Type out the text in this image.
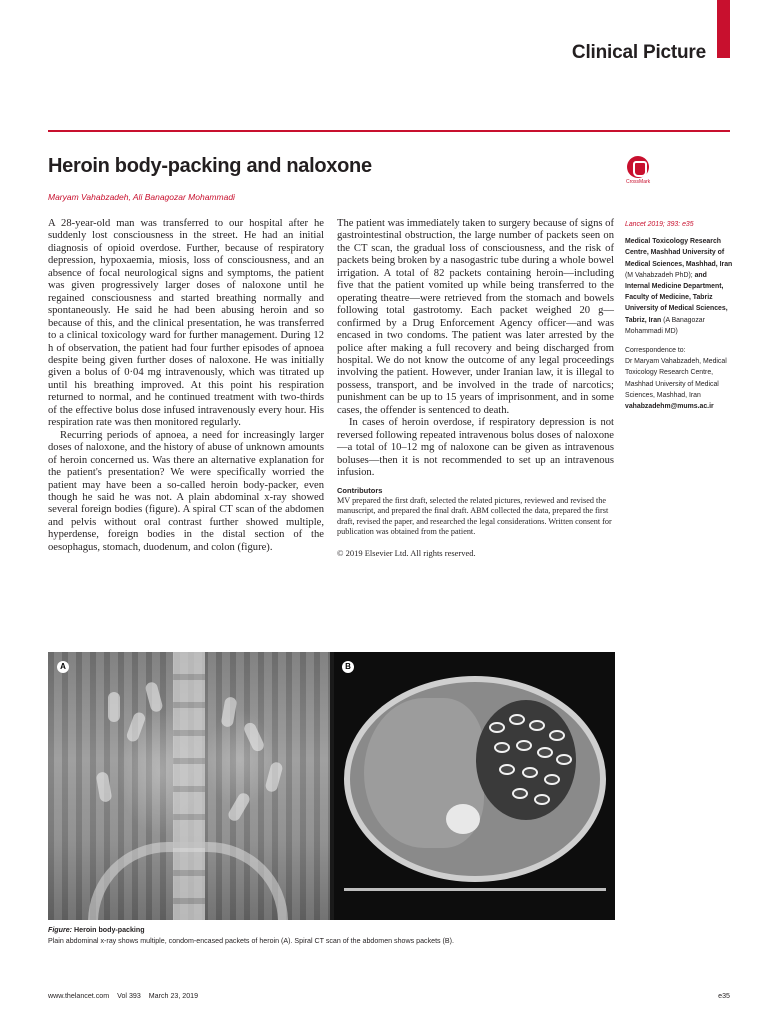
Clinical Picture
Heroin body-packing and naloxone
CrossMark
Maryam Vahabzadeh, Ali Banagozar Mohammadi

A 28-year-old man was transferred to our hospital after he suddenly lost consciousness in the street. He had an initial diagnosis of opioid overdose. Further, because of respiratory depression, hypoxaemia, miosis, loss of consciousness, and an absence of focal neurological signs and symptoms, the patient was given progressively larger doses of naloxone until he regained consciousness and started breathing normally and spontaneously. He said he had been abusing heroin and so because of this, and the clinical presentation, he was transferred to a clinical toxicology ward for further management. During 12 h of observation, the patient had four further episodes of apnoea despite being given further doses of naloxone. He was initially given a bolus of 0·04 mg intravenously, which was titrated up until his breathing improved. At this point his respiration returned to normal, and he continued treatment with two-thirds of the effective bolus dose infused intravenously every hour. His respiration rate was then monitored regularly.

Recurring periods of apnoea, a need for increasingly larger doses of naloxone, and the history of abuse of unknown amounts of heroin concerned us. Was there an alternative explanation for the patient's presentation? We were specifically worried the patient may have been a so-called heroin body-packer, even though he said he was not. A plain abdominal x-ray showed several foreign bodies (figure). A spiral CT scan of the abdomen and pelvis without oral contrast further showed multiple, hyperdense, foreign bodies in the distal section of the oesophagus, stomach, duodenum, and colon (figure).

The patient was immediately taken to surgery because of signs of gastrointestinal obstruction, the large number of packets seen on the CT scan, the gradual loss of consciousness, and the risk of packets being broken by a nasogastric tube during a whole bowel irrigation. A total of 82 packets containing heroin—including five that the patient vomited up while being transferred to the operating theatre—were retrieved from the stomach and bowels following total gastrotomy. Each packet weighed 20 g—confirmed by a Drug Enforcement Agency officer—and was encased in two condoms. The patient was later arrested by the police after making a full recovery and being discharged from hospital. We do not know the outcome of any legal proceedings involving the patient. However, under Iranian law, it is illegal to possess, transport, and be involved in the trade of narcotics; punishment can be up to 15 years of imprisonment, and in some cases, the offender is sentenced to death.

In cases of heroin overdose, if respiratory depression is not reversed following repeated intravenous bolus doses of naloxone—a total of 10–12 mg of naloxone can be given as intravenous boluses—then it is not recommended to set up an intravenous infusion.

Contributors
MV prepared the first draft, selected the related pictures, reviewed and revised the manuscript, and prepared the final draft. ABM collected the data, prepared the first draft, revised the paper, and researched the legal considerations. Written consent for publication was obtained from the patient.
© 2019 Elsevier Ltd. All rights reserved.
Lancet 2019; 393: e35
Medical Toxicology Research Centre, Mashhad University of Medical Sciences, Mashhad, Iran (M Vahabzadeh PhD); and Internal Medicine Department, Faculty of Medicine, Tabriz University of Medical Sciences, Tabriz, Iran (A Banagozar Mohammadi MD)
Correspondence to:
Dr Maryam Vahabzadeh, Medical Toxicology Research Centre, Mashhad University of Medical Sciences, Mashhad, Iran
vahabzadehm@mums.ac.ir
A	B
Figure: Heroin body-packing
Plain abdominal x-ray shows multiple, condom-encased packets of heroin (A). Spiral CT scan of the abdomen shows packets (B).
www.thelancet.com Vol 393 March 23, 2019	e35
